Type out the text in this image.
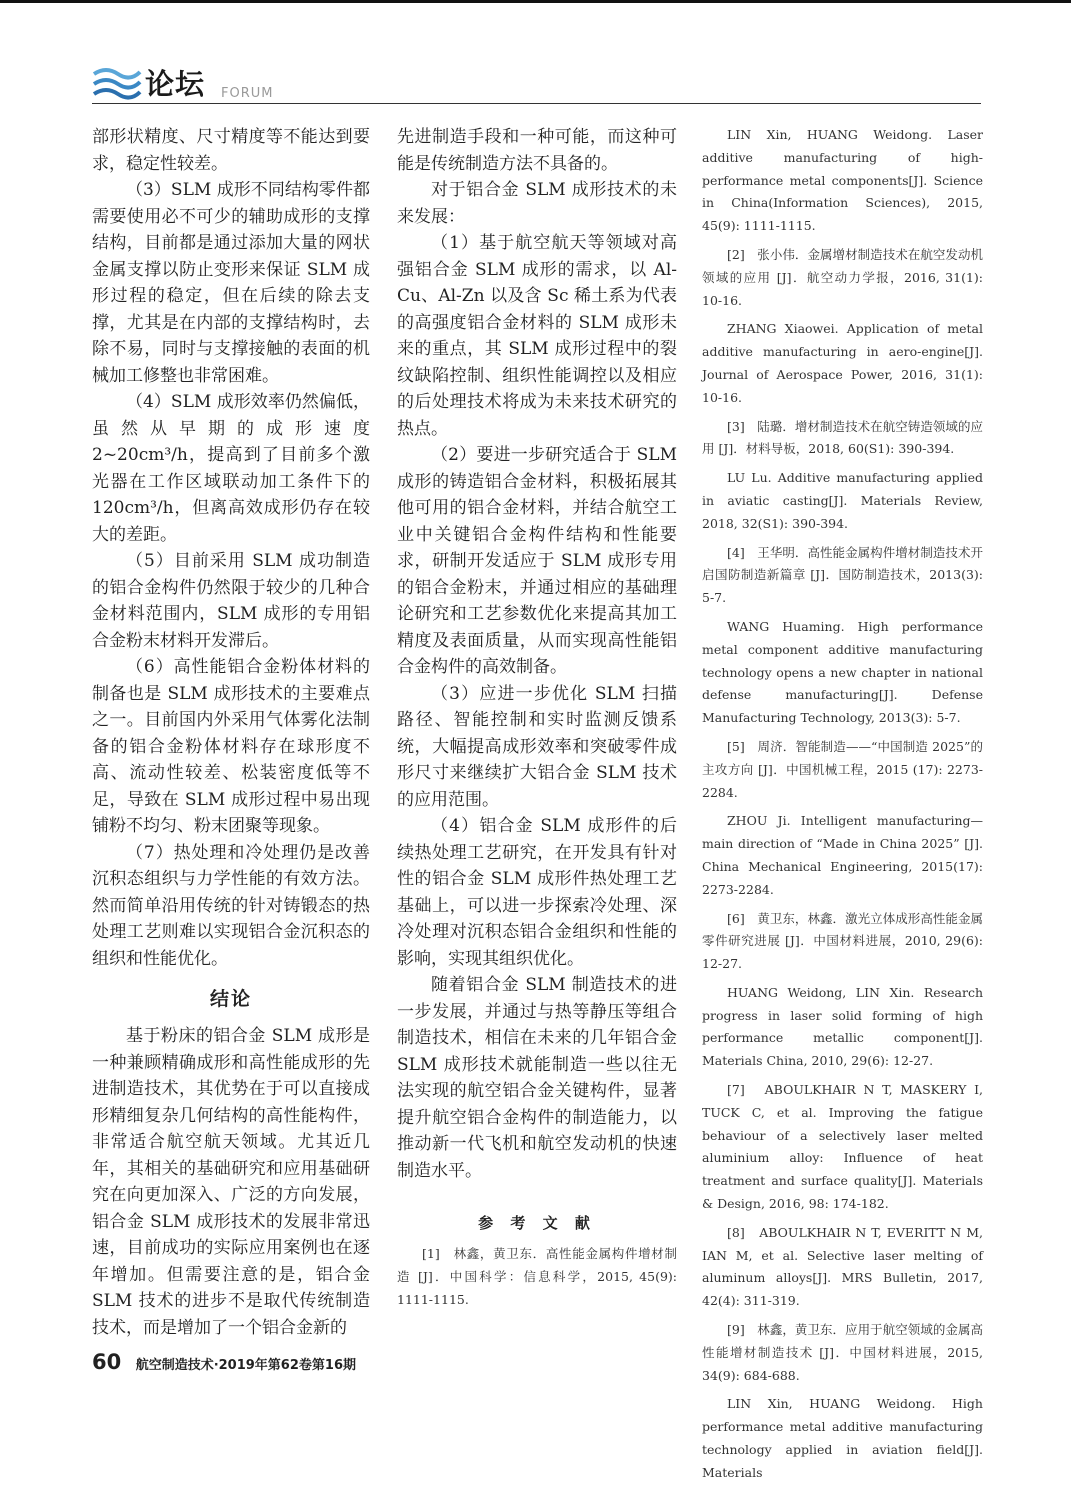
论坛 FORUM

部形状精度、尺寸精度等不能达到要求，稳定性较差。

（3）SLM 成形不同结构零件都需要使用必不可少的辅助成形的支撑结构，目前都是通过添加大量的网状金属支撑以防止变形来保证 SLM 成形过程的稳定，但在后续的除去支撑，尤其是在内部的支撑结构时，去除不易，同时与支撑接触的表面的机械加工修整也非常困难。

（4）SLM 成形效率仍然偏低，虽然从早期的成形速度 2~20cm³/h，提高到了目前多个激光器在工作区域联动加工条件下的 120cm³/h，但离高效成形仍存在较大的差距。

（5）目前采用 SLM 成功制造的铝合金构件仍然限于较少的几种合金材料范围内，SLM 成形的专用铝合金粉末材料开发滞后。

（6）高性能铝合金粉体材料的制备也是 SLM 成形技术的主要难点之一。目前国内外采用气体雾化法制备的铝合金粉体材料存在球形度不高、流动性较差、松装密度低等不足，导致在 SLM 成形过程中易出现铺粉不均匀、粉末团聚等现象。

（7）热处理和冷处理仍是改善沉积态组织与力学性能的有效方法。然而简单沿用传统的针对铸锻态的热处理工艺则难以实现铝合金沉积态的组织和性能优化。

结论

基于粉床的铝合金 SLM 成形是一种兼顾精确成形和高性能成形的先进制造技术，其优势在于可以直接成形精细复杂几何结构的高性能构件，非常适合航空航天领域。尤其近几年，其相关的基础研究和应用基础研究在向更加深入、广泛的方向发展，铝合金 SLM 成形技术的发展非常迅速，目前成功的实际应用案例也在逐年增加。但需要注意的是，铝合金 SLM 技术的进步不是取代传统制造技术，而是增加了一个铝合金新的

先进制造手段和一种可能，而这种可能是传统制造方法不具备的。

对于铝合金 SLM 成形技术的未来发展：

（1）基于航空航天等领域对高强铝合金 SLM 成形的需求，以 Al-Cu、Al-Zn 以及含 Sc 稀土系为代表的高强度铝合金材料的 SLM 成形未来的重点，其 SLM 成形过程中的裂纹缺陷控制、组织性能调控以及相应的后处理技术将成为未来技术研究的热点。

（2）要进一步研究适合于 SLM 成形的铸造铝合金材料，积极拓展其他可用的铝合金材料，并结合航空工业中关键铝合金构件结构和性能要求，研制开发适应于 SLM 成形专用的铝合金粉末，并通过相应的基础理论研究和工艺参数优化来提高其加工精度及表面质量，从而实现高性能铝合金构件的高效制备。

（3）应进一步优化 SLM 扫描路径、智能控制和实时监测反馈系统，大幅提高成形效率和突破零件成形尺寸来继续扩大铝合金 SLM 技术的应用范围。

（4）铝合金 SLM 成形件的后续热处理工艺研究，在开发具有针对性的铝合金 SLM 成形件热处理工艺基础上，可以进一步探索冷处理、深冷处理对沉积态铝合金组织和性能的影响，实现其组织优化。

随着铝合金 SLM 制造技术的进一步发展，并通过与热等静压等组合制造技术，相信在未来的几年铝合金 SLM 成形技术就能制造一些以往无法实现的航空铝合金关键构件，显著提升航空铝合金构件的制造能力，以推动新一代飞机和航空发动机的快速制造水平。

参 考 文 献

[1]　林鑫，黄卫东．高性能金属构件增材制造 [J]．中国科学：信息科学，2015, 45(9): 1111-1115.

LIN Xin, HUANG Weidong. Laser additive manufacturing of high-performance metal components[J]. Science in China(Information Sciences), 2015, 45(9): 1111-1115.

[2]　张小伟．金属增材制造技术在航空发动机领域的应用 [J]．航空动力学报，2016, 31(1): 10-16.

ZHANG Xiaowei. Application of metal additive manufacturing in aero-engine[J]. Journal of Aerospace Power, 2016, 31(1): 10-16.

[3]　陆璐．增材制造技术在航空铸造领域的应用 [J]．材料导板，2018, 60(S1): 390-394.

LU Lu. Additive manufacturing applied in aviatic casting[J]. Materials Review, 2018, 32(S1): 390-394.

[4]　王华明．高性能金属构件增材制造技术开启国防制造新篇章 [J]．国防制造技术，2013(3): 5-7.

WANG Huaming. High performance metal component additive manufacturing technology opens a new chapter in national defense manufacturing[J]. Defense Manufacturing Technology, 2013(3): 5-7.

[5]　周济．智能制造——“中国制造 2025”的主攻方向 [J]．中国机械工程，2015 (17): 2273-2284.

ZHOU Ji. Intelligent manufacturing—main direction of “Made in China 2025” [J]. China Mechanical Engineering, 2015(17): 2273-2284.

[6]　黄卫东，林鑫．激光立体成形高性能金属零件研究进展 [J]．中国材料进展，2010, 29(6): 12-27.

HUANG Weidong, LIN Xin. Research progress in laser solid forming of high performance metallic component[J]. Materials China, 2010, 29(6): 12-27.

[7]　ABOULKHAIR N T, MASKERY I, TUCK C, et al. Improving the fatigue behaviour of a selectively laser melted aluminium alloy: Influence of heat treatment and surface quality[J]. Materials & Design, 2016, 98: 174-182.

[8]　ABOULKHAIR N T, EVERITT N M, IAN M, et al. Selective laser melting of aluminum alloys[J]. MRS Bulletin, 2017, 42(4): 311-319.

[9]　林鑫，黄卫东．应用于航空领域的金属高性能增材制造技术 [J]．中国材料进展，2015, 34(9): 684-688.

LIN Xin, HUANG Weidong. High performance metal additive manufacturing technology applied in aviation field[J]. Materials

60 航空制造技术·2019年第62卷第16期
